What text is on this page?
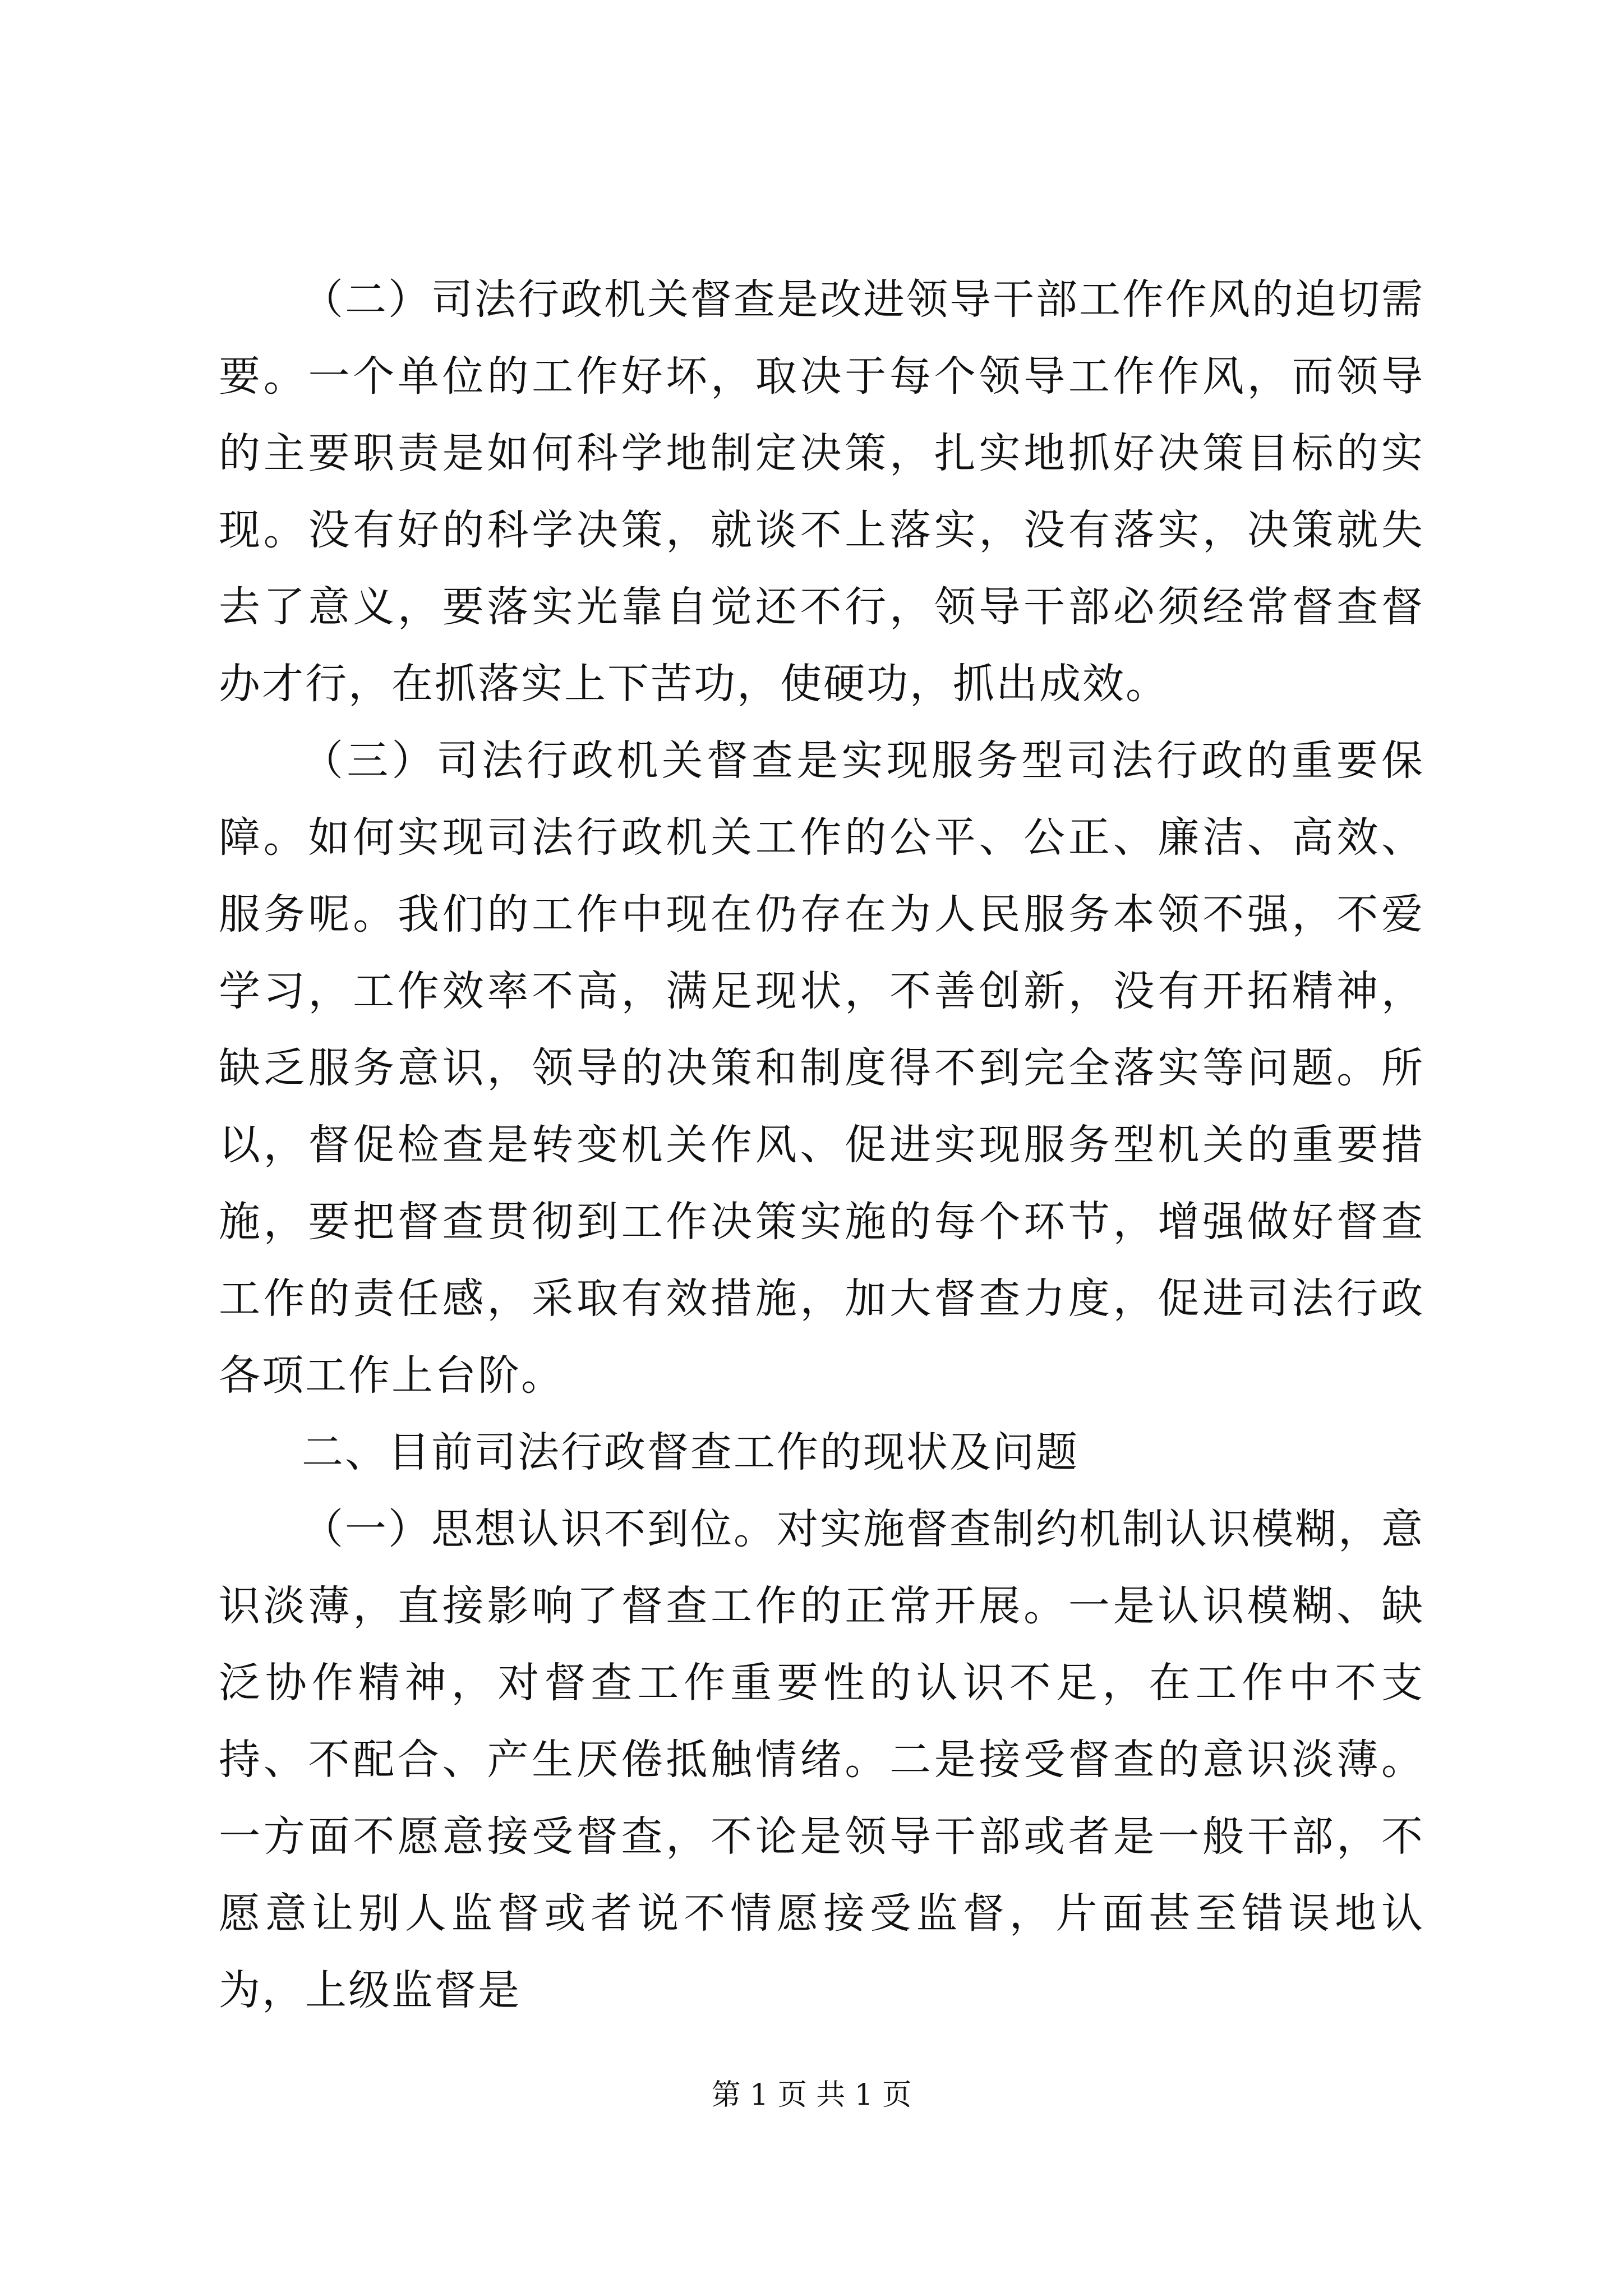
（二）司法行政机关督查是改进领导干部工作作风的迫切需要。一个单位的工作好坏，取决于每个领导工作作风，而领导的主要职责是如何科学地制定决策，扎实地抓好决策目标的实现。没有好的科学决策，就谈不上落实，没有落实，决策就失去了意义，要落实光靠自觉还不行，领导干部必须经常督查督办才行，在抓落实上下苦功，使硬功，抓出成效。

（三）司法行政机关督查是实现服务型司法行政的重要保障。如何实现司法行政机关工作的公平、公正、廉洁、高效、服务呢。我们的工作中现在仍存在为人民服务本领不强，不爱学习，工作效率不高，满足现状，不善创新，没有开拓精神，缺乏服务意识，领导的决策和制度得不到完全落实等问题。所以，督促检查是转变机关作风、促进实现服务型机关的重要措施，要把督查贯彻到工作决策实施的每个环节，增强做好督查工作的责任感，采取有效措施，加大督查力度，促进司法行政各项工作上台阶。

二、目前司法行政督查工作的现状及问题

（一）思想认识不到位。对实施督查制约机制认识模糊，意识淡薄，直接影响了督查工作的正常开展。一是认识模糊、缺泛协作精神，对督查工作重要性的认识不足，在工作中不支持、不配合、产生厌倦抵触情绪。二是接受督查的意识淡薄。一方面不愿意接受督查，不论是领导干部或者是一般干部，不愿意让别人监督或者说不情愿接受监督，片面甚至错误地认为，上级监督是

第 1 页 共 1 页
